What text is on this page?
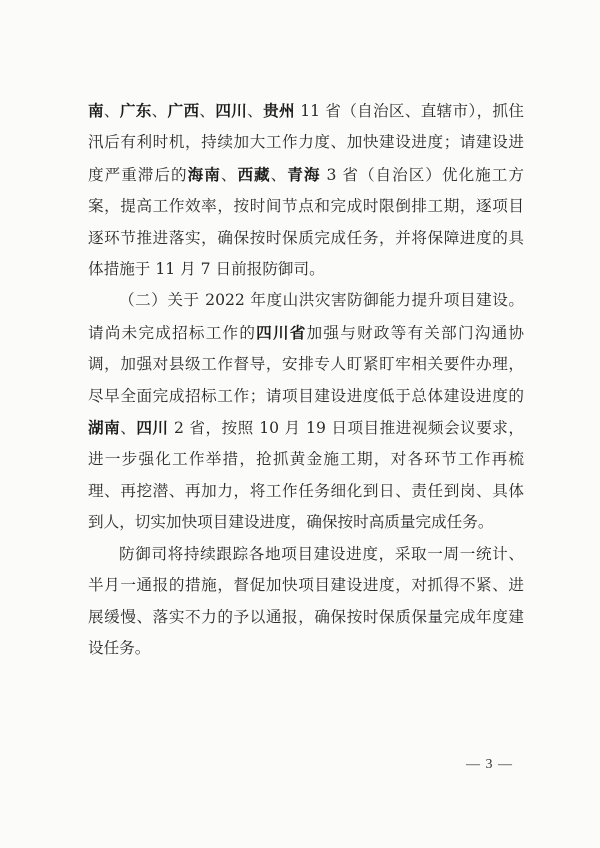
南、广东、广西、四川、贵州 11 省（自治区、直辖市），抓住汛后有利时机，持续加大工作力度、加快建设进度；请建设进度严重滞后的海南、西藏、青海 3 省（自治区）优化施工方案，提高工作效率，按时间节点和完成时限倒排工期，逐项目逐环节推进落实，确保按时保质完成任务，并将保障进度的具体措施于 11 月 7 日前报防御司。

（二）关于 2022 年度山洪灾害防御能力提升项目建设。请尚未完成招标工作的四川省加强与财政等有关部门沟通协调，加强对县级工作督导，安排专人盯紧盯牢相关要件办理，尽早全面完成招标工作；请项目建设进度低于总体建设进度的湖南、四川 2 省，按照 10 月 19 日项目推进视频会议要求，进一步强化工作举措，抢抓黄金施工期，对各环节工作再梳理、再挖潜、再加力，将工作任务细化到日、责任到岗、具体到人，切实加快项目建设进度，确保按时高质量完成任务。

防御司将持续跟踪各地项目建设进度，采取一周一统计、半月一通报的措施，督促加快项目建设进度，对抓得不紧、进展缓慢、落实不力的予以通报，确保按时保质保量完成年度建设任务。

— 3 —
